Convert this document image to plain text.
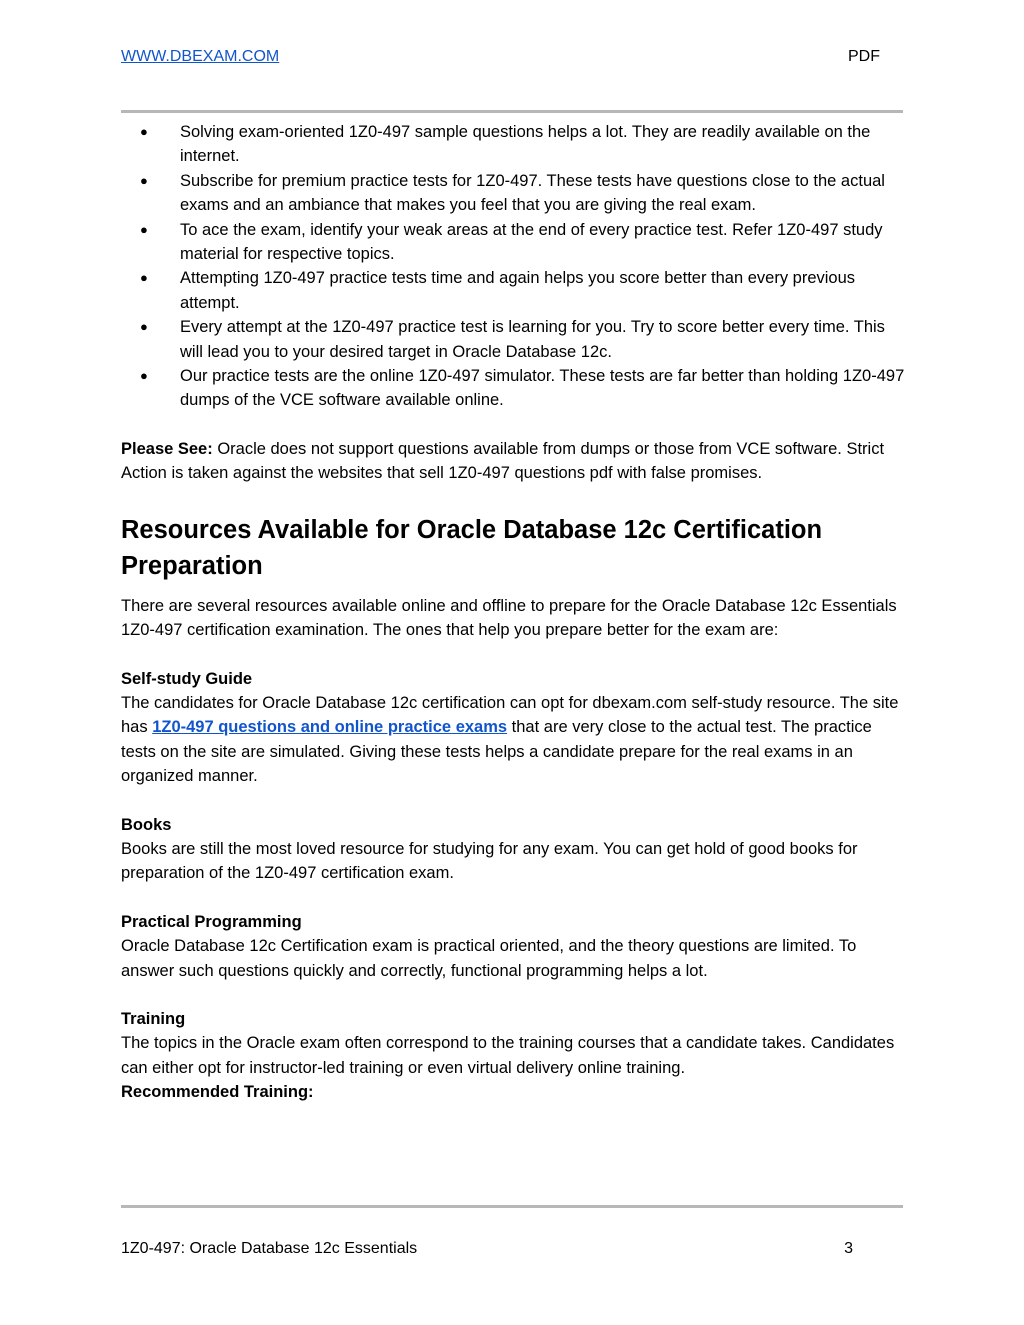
WWW.DBEXAM.COM	PDF
● Solving exam-oriented 1Z0-497 sample questions helps a lot. They are readily available on the internet.
● Subscribe for premium practice tests for 1Z0-497. These tests have questions close to the actual exams and an ambiance that makes you feel that you are giving the real exam.
● To ace the exam, identify your weak areas at the end of every practice test. Refer 1Z0-497 study material for respective topics.
● Attempting 1Z0-497 practice tests time and again helps you score better than every previous attempt.
● Every attempt at the 1Z0-497 practice test is learning for you. Try to score better every time. This will lead you to your desired target in Oracle Database 12c.
● Our practice tests are the online 1Z0-497 simulator. These tests are far better than holding 1Z0-497 dumps of the VCE software available online.

Please See: Oracle does not support questions available from dumps or those from VCE software. Strict Action is taken against the websites that sell 1Z0-497 questions pdf with false promises.

Resources Available for Oracle Database 12c Certification Preparation

There are several resources available online and offline to prepare for the Oracle Database 12c Essentials 1Z0-497 certification examination. The ones that help you prepare better for the exam are:

Self-study Guide

The candidates for Oracle Database 12c certification can opt for dbexam.com self-study resource. The site has 1Z0-497 questions and online practice exams that are very close to the actual test. The practice tests on the site are simulated. Giving these tests helps a candidate prepare for the real exams in an organized manner.

Books

Books are still the most loved resource for studying for any exam. You can get hold of good books for preparation of the 1Z0-497 certification exam.

Practical Programming

Oracle Database 12c Certification exam is practical oriented, and the theory questions are limited. To answer such questions quickly and correctly, functional programming helps a lot.

Training

The topics in the Oracle exam often correspond to the training courses that a candidate takes. Candidates can either opt for instructor-led training or even virtual delivery online training.

Recommended Training:

1Z0-497: Oracle Database 12c Essentials	3
